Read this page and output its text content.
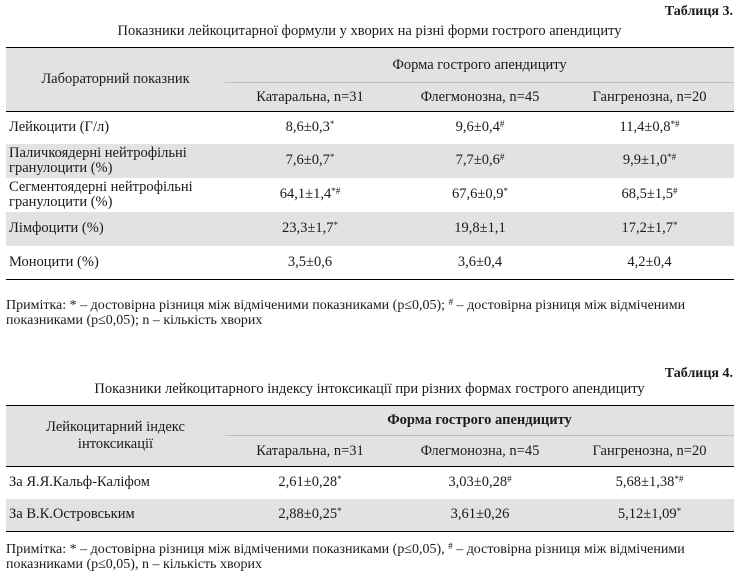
Таблиця 3.
Показники лейкоцитарної формули у хворих на різні форми гострого апендициту
Лабораторний показник	Форма гострого апендициту		
	Катаральна, n=31	Флегмонозна, n=45	Гангренозна, n=20
Лейкоцити (Г/л)	8,6±0,3*	9,6±0,4#	11,4±0,8*#
Паличкоядерні нейтрофільні гранулоцити (%)	7,6±0,7*	7,7±0,6#	9,9±1,0*#
Сегментоядерні нейтрофільні гранулоцити (%)	64,1±1,4*#	67,6±0,9*	68,5±1,5#
Лімфоцити (%)	23,3±1,7*	19,8±1,1	17,2±1,7*
Моноцити (%)	3,5±0,6	3,6±0,4	4,2±0,4
Примітка: * – достовірна різниця між відміченими показниками (p≤0,05); # – достовірна різниця між відміченими показниками (p≤0,05); n – кількість хворих
Таблиця 4.
Показники лейкоцитарного індексу інтоксикації при різних формах гострого апендициту
Лейкоцитарний індекс інтоксикації	Форма гострого апендициту		
	Катаральна, n=31	Флегмонозна, n=45	Гангренозна, n=20
За Я.Я.Кальф-Каліфом	2,61±0,28*	3,03±0,28#	5,68±1,38*#
За В.К.Островським	2,88±0,25*	3,61±0,26	5,12±1,09*
Примітка: * – достовірна різниця між відміченими показниками (p≤0,05), # – достовірна різниця між відміченими показниками (p≤0,05), n – кількість хворих
